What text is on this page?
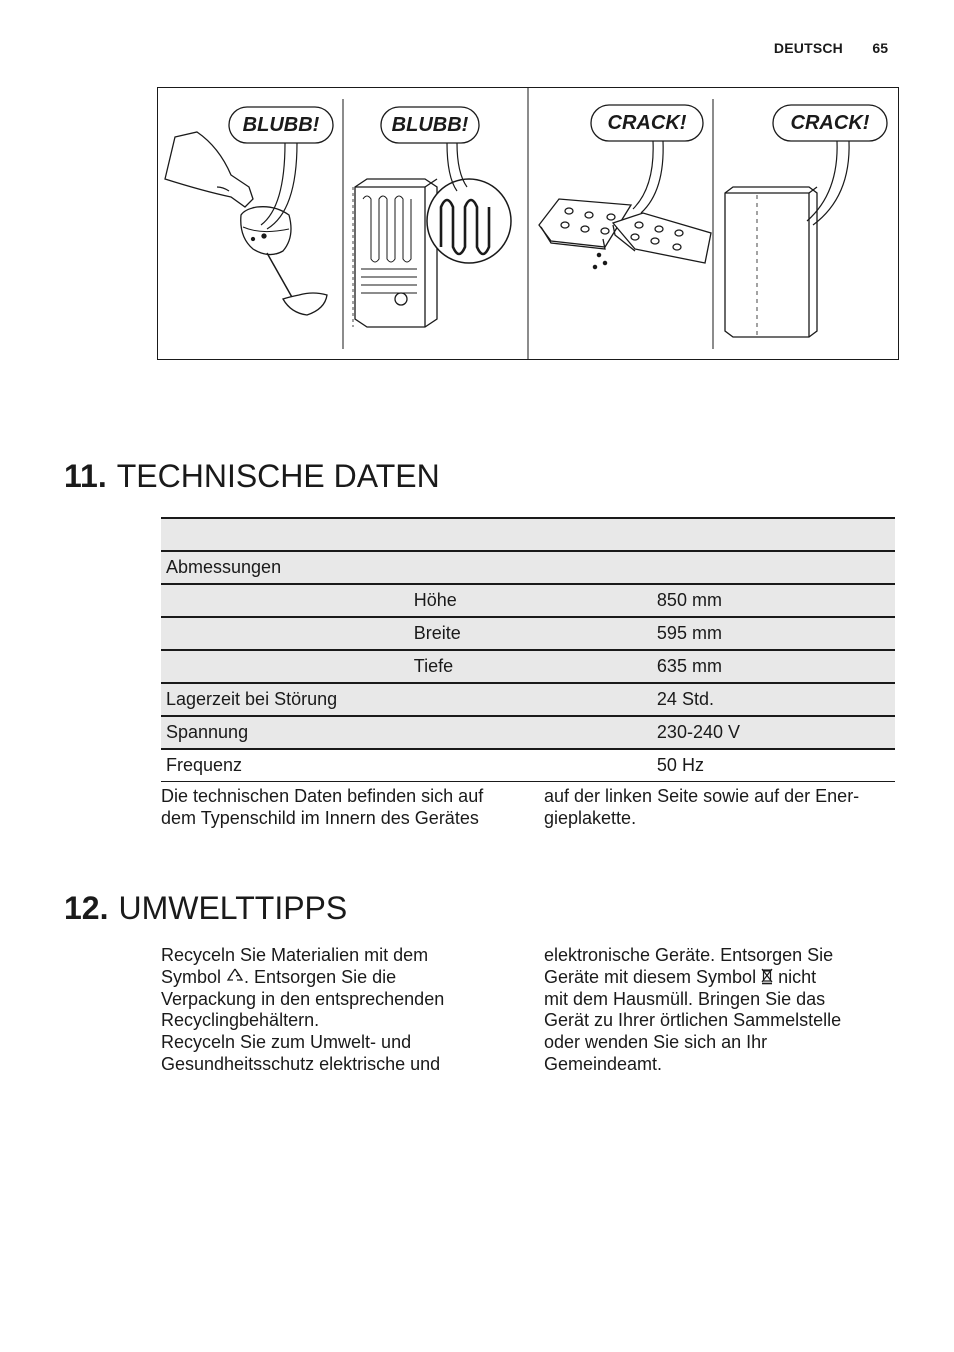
DEUTSCH 65
BLUBB!	BLUBB!	CRACK!	CRACK!
11. TECHNISCHE DATEN

Abmessungen		
	Höhe	850 mm
	Breite	595 mm
	Tiefe	635 mm
Lagerzeit bei Störung		24 Std.
Spannung		230-240 V
Frequenz		50 Hz

Die technischen Daten befinden sich auf
dem Typenschild im Innern des Gerätes

auf der linken Seite sowie auf der Ener-
gieplakette.

12. UMWELTTIPPS

Recyceln Sie Materialien mit dem
Symbol . Entsorgen Sie die
Verpackung in den entsprechenden
Recyclingbehältern.
Recyceln Sie zum Umwelt- und
Gesundheitsschutz elektrische und

elektronische Geräte. Entsorgen Sie
Geräte mit diesem Symbol nicht
mit dem Hausmüll. Bringen Sie das
Gerät zu Ihrer örtlichen Sammelstelle
oder wenden Sie sich an Ihr
Gemeindeamt.
